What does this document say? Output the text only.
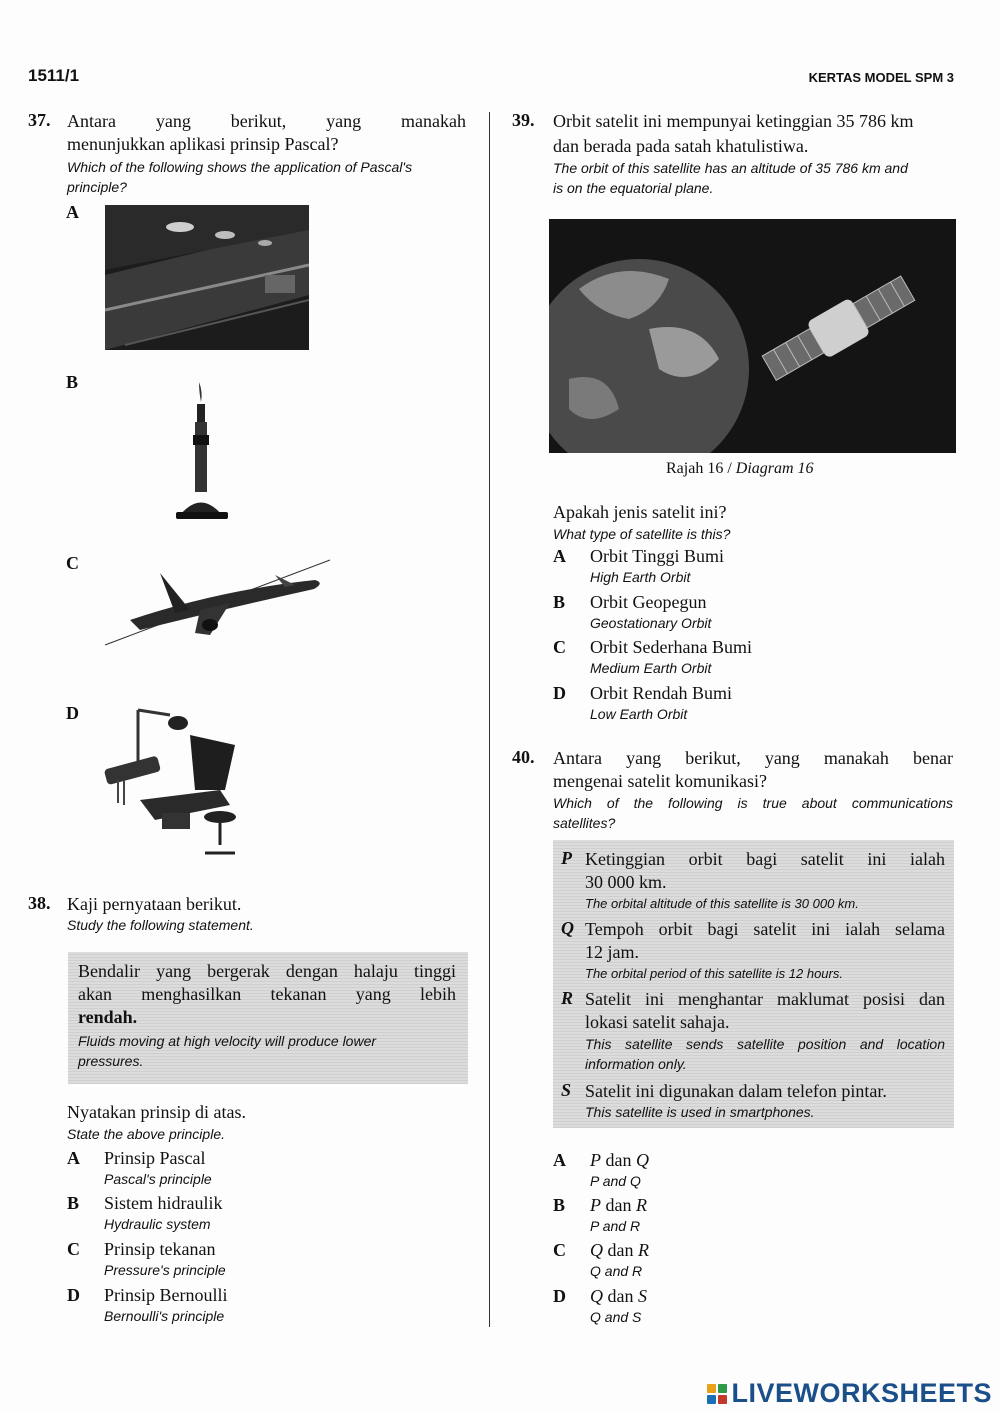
1511/1	KERTAS MODEL SPM 3
37. Antara yang berikut, yang manakah
menunjukkan aplikasi prinsip Pascal?
Which of the following shows the application of Pascal's
principle?
A
B
C
D
38. Kaji pernyataan berikut.
Study the following statement.
Bendalir yang bergerak dengan halaju tinggi
akan menghasilkan tekanan yang lebih
rendah.
Fluids moving at high velocity will produce lower
pressures.
Nyatakan prinsip di atas.
State the above principle.
A Prinsip Pascal
Pascal's principle
B Sistem hidraulik
Hydraulic system
C Prinsip tekanan
Pressure's principle
D Prinsip Bernoulli
Bernoulli's principle
39. Orbit satelit ini mempunyai ketinggian 35 786 km
dan berada pada satah khatulistiwa.
The orbit of this satellite has an altitude of 35 786 km and
is on the equatorial plane.
Rajah 16 / Diagram 16
Apakah jenis satelit ini?
What type of satellite is this?
A Orbit Tinggi Bumi
High Earth Orbit
B Orbit Geopegun
Geostationary Orbit
C Orbit Sederhana Bumi
Medium Earth Orbit
D Orbit Rendah Bumi
Low Earth Orbit
40. Antara yang berikut, yang manakah benar
mengenai satelit komunikasi?
Which of the following is true about communications
satellites?
P Ketinggian orbit bagi satelit ini ialah
30 000 km.
The orbital altitude of this satellite is 30 000 km.
Q Tempoh orbit bagi satelit ini ialah selama
12 jam.
The orbital period of this satellite is 12 hours.
R Satelit ini menghantar maklumat posisi dan
lokasi satelit sahaja.
This satellite sends satellite position and location
information only.
S Satelit ini digunakan dalam telefon pintar.
This satellite is used in smartphones.
A P dan Q
P and Q
B P dan R
P and R
C Q dan R
Q and R
D Q dan S
Q and S
LIVEWORKSHEETS
